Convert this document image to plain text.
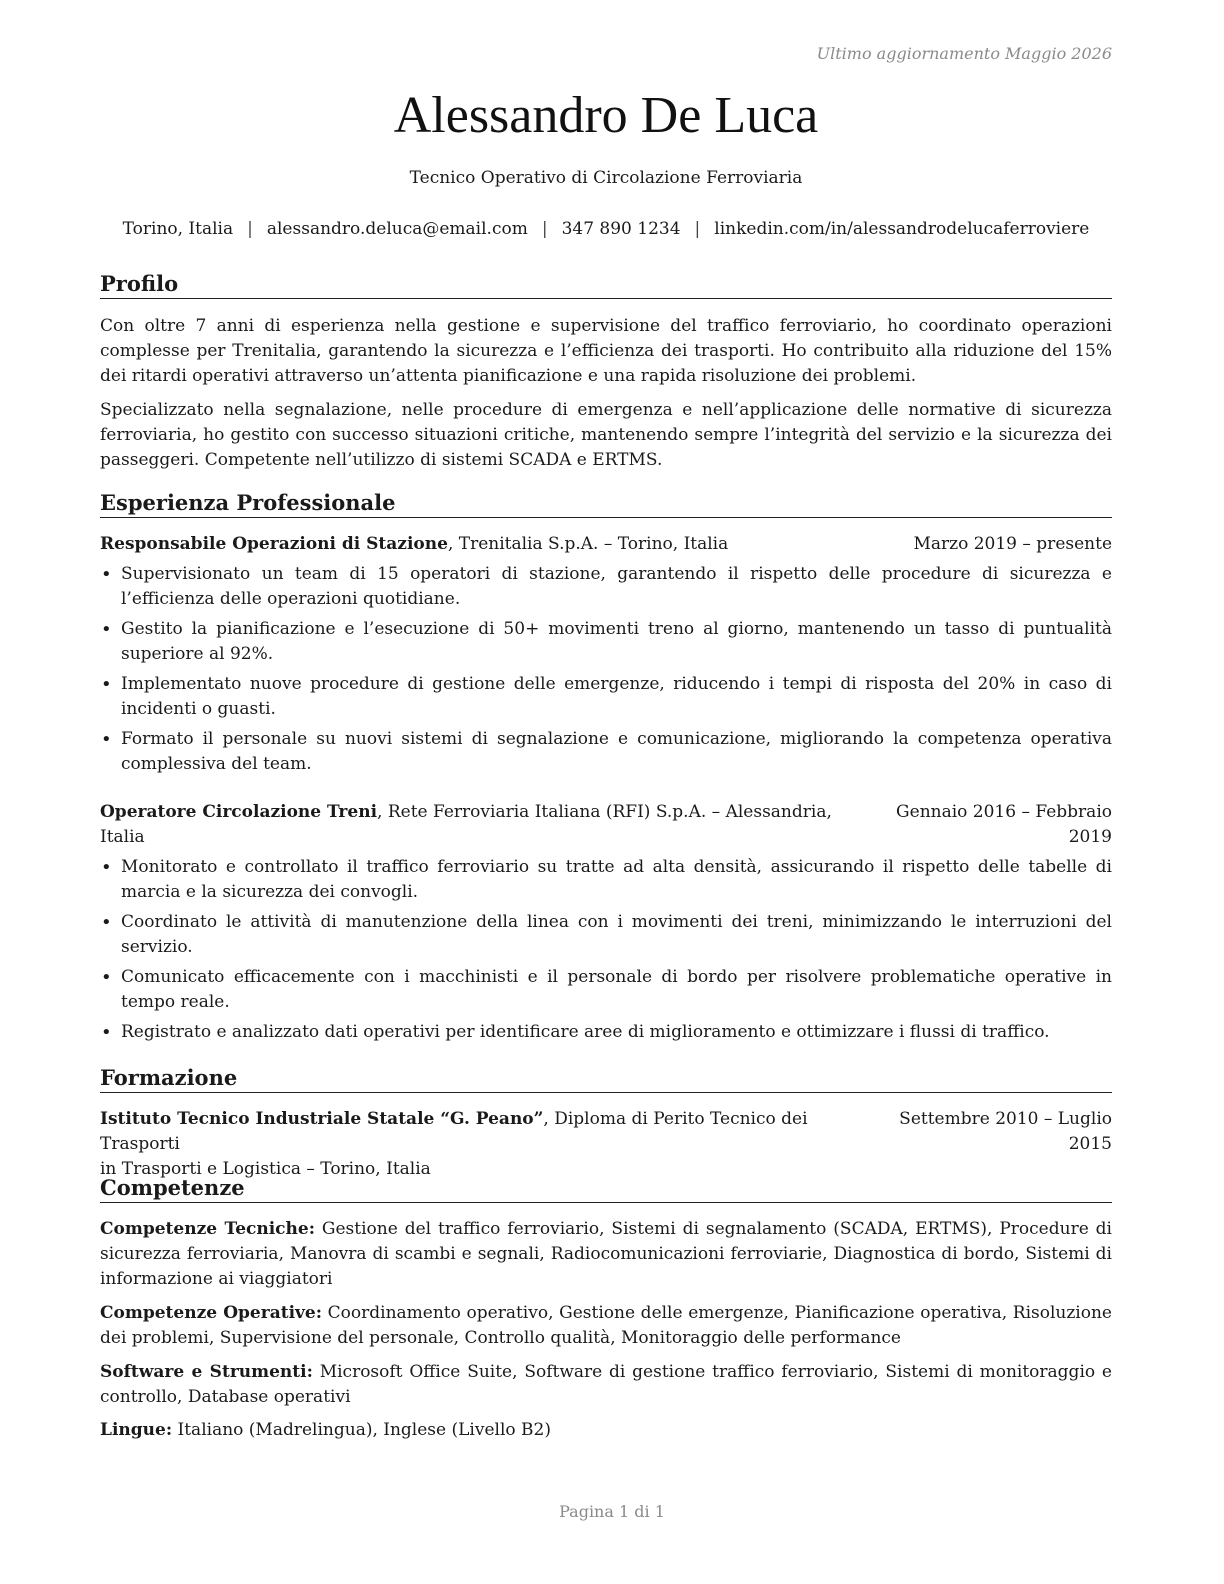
Ultimo aggiornamento Maggio 2026
Alessandro De Luca
Tecnico Operativo di Circolazione Ferroviaria
Torino, Italia | alessandro.deluca@email.com | 347 890 1234 | linkedin.com/in/alessandrodelucaferroviere
Profilo
Con oltre 7 anni di esperienza nella gestione e supervisione del traffico ferroviario, ho coordinato operazioni complesse per Trenitalia, garantendo la sicurezza e l’efficienza dei trasporti. Ho contribuito alla riduzione del 15% dei ritardi operativi attraverso un’attenta pianificazione e una rapida risoluzione dei problemi.
Specializzato nella segnalazione, nelle procedure di emergenza e nell’applicazione delle normative di sicurezza ferroviaria, ho gestito con successo situazioni critiche, mantenendo sempre l’integrità del servizio e la sicurezza dei passeggeri. Competente nell’utilizzo di sistemi SCADA e ERTMS.
Esperienza Professionale
Responsabile Operazioni di Stazione, Trenitalia S.p.A. – Torino, Italia	Marzo 2019 – presente
• Supervisionato un team di 15 operatori di stazione, garantendo il rispetto delle procedure di sicurezza e l’efficienza delle operazioni quotidiane.
• Gestito la pianificazione e l’esecuzione di 50+ movimenti treno al giorno, mantenendo un tasso di puntualità superiore al 92%.
• Implementato nuove procedure di gestione delle emergenze, riducendo i tempi di risposta del 20% in caso di incidenti o guasti.
• Formato il personale su nuovi sistemi di segnalazione e comunicazione, migliorando la competenza operativa complessiva del team.
Operatore Circolazione Treni, Rete Ferroviaria Italiana (RFI) S.p.A. – Alessandria, Italia
Gennaio 2016 – Febbraio
2019
• Monitorato e controllato il traffico ferroviario su tratte ad alta densità, assicurando il rispetto delle tabelle di marcia e la sicurezza dei convogli.
• Coordinato le attività di manutenzione della linea con i movimenti dei treni, minimizzando le interruzioni del servizio.
• Comunicato efficacemente con i macchinisti e il personale di bordo per risolvere problematiche operative in tempo reale.
• Registrato e analizzato dati operativi per identificare aree di miglioramento e ottimizzare i flussi di traffico.
Formazione
Istituto Tecnico Industriale Statale “G. Peano”, Diploma di Perito Tecnico dei Trasporti
in Trasporti e Logistica – Torino, Italia
Settembre 2010 – Luglio
2015
Competenze
Competenze Tecniche: Gestione del traffico ferroviario, Sistemi di segnalamento (SCADA, ERTMS), Procedure di sicurezza ferroviaria, Manovra di scambi e segnali, Radiocomunicazioni ferroviarie, Diagnostica di bordo, Sistemi di informazione ai viaggiatori
Competenze Operative: Coordinamento operativo, Gestione delle emergenze, Pianificazione operativa, Risoluzione dei problemi, Supervisione del personale, Controllo qualità, Monitoraggio delle performance
Software e Strumenti: Microsoft Office Suite, Software di gestione traffico ferroviario, Sistemi di monitoraggio e controllo, Database operativi
Lingue: Italiano (Madrelingua), Inglese (Livello B2)
Pagina 1 di 1
